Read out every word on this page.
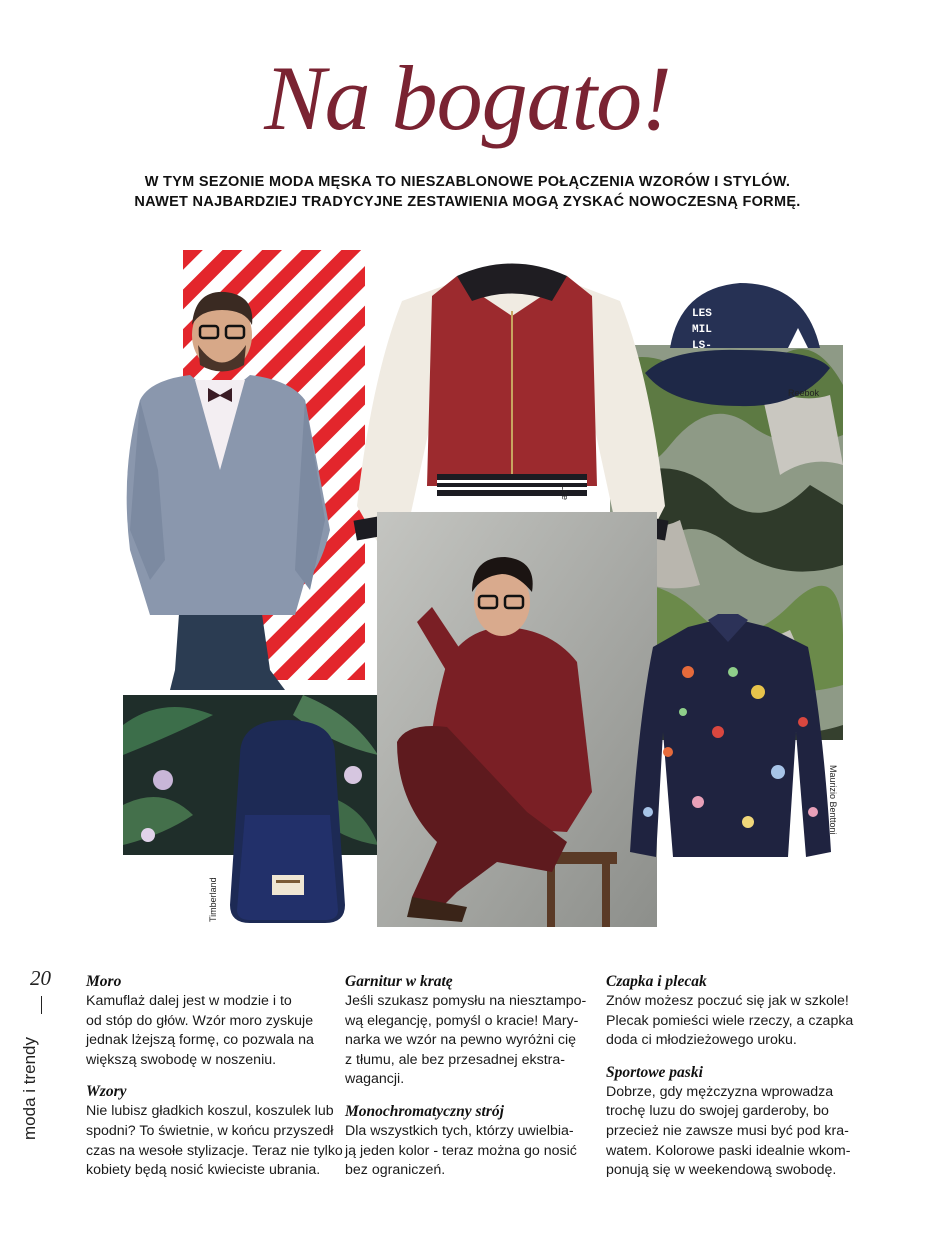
Na bogato!
W TYM SEZONIE MODA MĘSKA TO NIESZABLONOWE POŁĄCZENIA WZORÓW I STYLÓW.
NAWET NAJBARDZIEJ TRADYCYJNE ZESTAWIENIA MOGĄ ZYSKAĆ NOWOCZESNĄ FORMĘ.
Lee
LES
MIL
LS-
Reebok
Timberland
Maurizio Benttoni
20
moda i trendy
Moro

Kamuflaż dalej jest w modzie i to
od stóp do głów. Wzór moro zyskuje
jednak lżejszą formę, co pozwala na
większą swobodę w noszeniu.

Wzory

Nie lubisz gładkich koszul, koszulek lub
spodni? To świetnie, w końcu przyszedł
czas na wesołe stylizacje. Teraz nie tylko
kobiety będą nosić kwieciste ubrania.

Garnitur w kratę

Jeśli szukasz pomysłu na niesztampo-
wą elegancję, pomyśl o kracie! Mary-
narka we wzór na pewno wyróżni cię
z tłumu, ale bez przesadnej ekstra-
wagancji.

Monochromatyczny strój

Dla wszystkich tych, którzy uwielbia-
ją jeden kolor - teraz można go nosić
bez ograniczeń.

Czapka i plecak

Znów możesz poczuć się jak w szkole!
Plecak pomieści wiele rzeczy, a czapka
doda ci młodzieżowego uroku.

Sportowe paski

Dobrze, gdy mężczyzna wprowadza
trochę luzu do swojej garderoby, bo
przecież nie zawsze musi być pod kra-
watem. Kolorowe paski idealnie wkom-
ponują się w weekendową swobodę.
